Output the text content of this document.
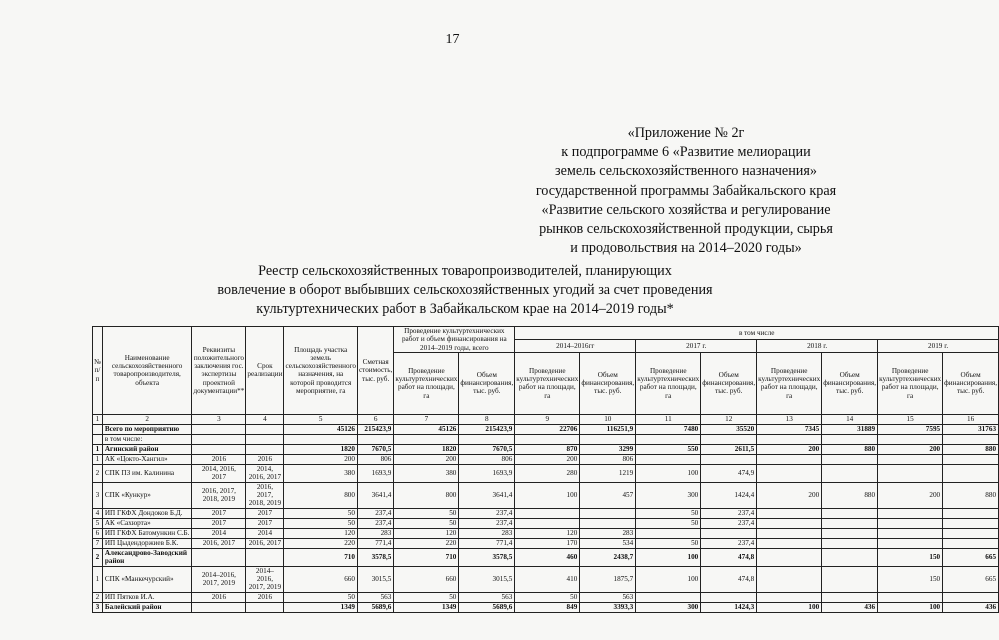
17
«Приложение № 2г
к подпрограмме 6 «Развитие мелиорации
земель сельскохозяйственного назначения»
государственной программы Забайкальского края
«Развитие сельского хозяйства и регулирование
рынков сельскохозяйственной продукции, сырья
и продовольствия на 2014–2020 годы»
Реестр сельскохозяйственных товаропроизводителей, планирующих
вовлечение в оборот выбывших сельскохозяйственных угодий за счет проведения
культуртехнических работ в Забайкальском крае на 2014–2019 годы*
№ п/п	Наименование сельскохозяйственного товаропроизводителя, объекта	Реквизиты положительного заключения гос. экспертизы проектной документации**	Срок реализации	Площадь участка земель сельскохозяйственного назначения, на которой проводится мероприятие, га	Сметная стоимость, тыс. руб.	Проведение культуртехнических работ и объем финансирования на 2014–2019 годы, всего		в том числе							
								2014–2016гг		2017 г.		2018 г.		2019 г.	
						Проведение культуртехнических работ на площади, га	Объем финансирования, тыс. руб.	Проведение культуртехнических работ на площади, га	Объем финансирования, тыс. руб.	Проведение культуртехнических работ на площади, га	Объем финансирования, тыс. руб.	Проведение культуртехнических работ на площади, га	Объем финансирования, тыс. руб.	Проведение культуртехнических работ на площади, га	Объем финансирования, тыс. руб.
1	2	3	4	5	6	7	8	9	10	11	12	13	14	15	16
	Всего по мероприятию			45126	215423,9	45126	215423,9	22706	116251,9	7480	35520	7345	31889	7595	31763
	в том числе:														
1	Агинский район			1820	7670,5	1820	7670,5	870	3299	550	2611,5	200	880	200	880
1	АК «Цокто-Хангил»	2016	2016	200	806	200	806	200	806						
2	СПК ПЗ им. Калинина	2014, 2016, 2017	2014, 2016, 2017	380	1693,9	380	1693,9	280	1219	100	474,9				
3	СПК «Кункур»	2016, 2017, 2018, 2019	2016, 2017, 2018, 2019	800	3641,4	800	3641,4	100	457	300	1424,4	200	880	200	880
4	ИП ГКФХ Дондоков Б.Д.	2017	2017	50	237,4	50	237,4			50	237,4				
5	АК «Сахюрта»	2017	2017	50	237,4	50	237,4			50	237,4				
6	ИП ГКФХ Батомункин С.Б.	2014	2014	120	283	120	283	120	283						
7	ИП Цыдендоржиев Б.К.	2016, 2017	2016, 2017	220	771,4	220	771,4	170	534	50	237,4				
2	Александрово-Заводский район			710	3578,5	710	3578,5	460	2438,7	100	474,8			150	665
1	СПК «Манкечурский»	2014–2016, 2017, 2019	2014–2016, 2017, 2019	660	3015,5	660	3015,5	410	1875,7	100	474,8			150	665
2	ИП Пятков И.А.	2016	2016	50	563	50	563	50	563						
3	Балейский район			1349	5689,6	1349	5689,6	849	3393,3	300	1424,3	100	436	100	436
